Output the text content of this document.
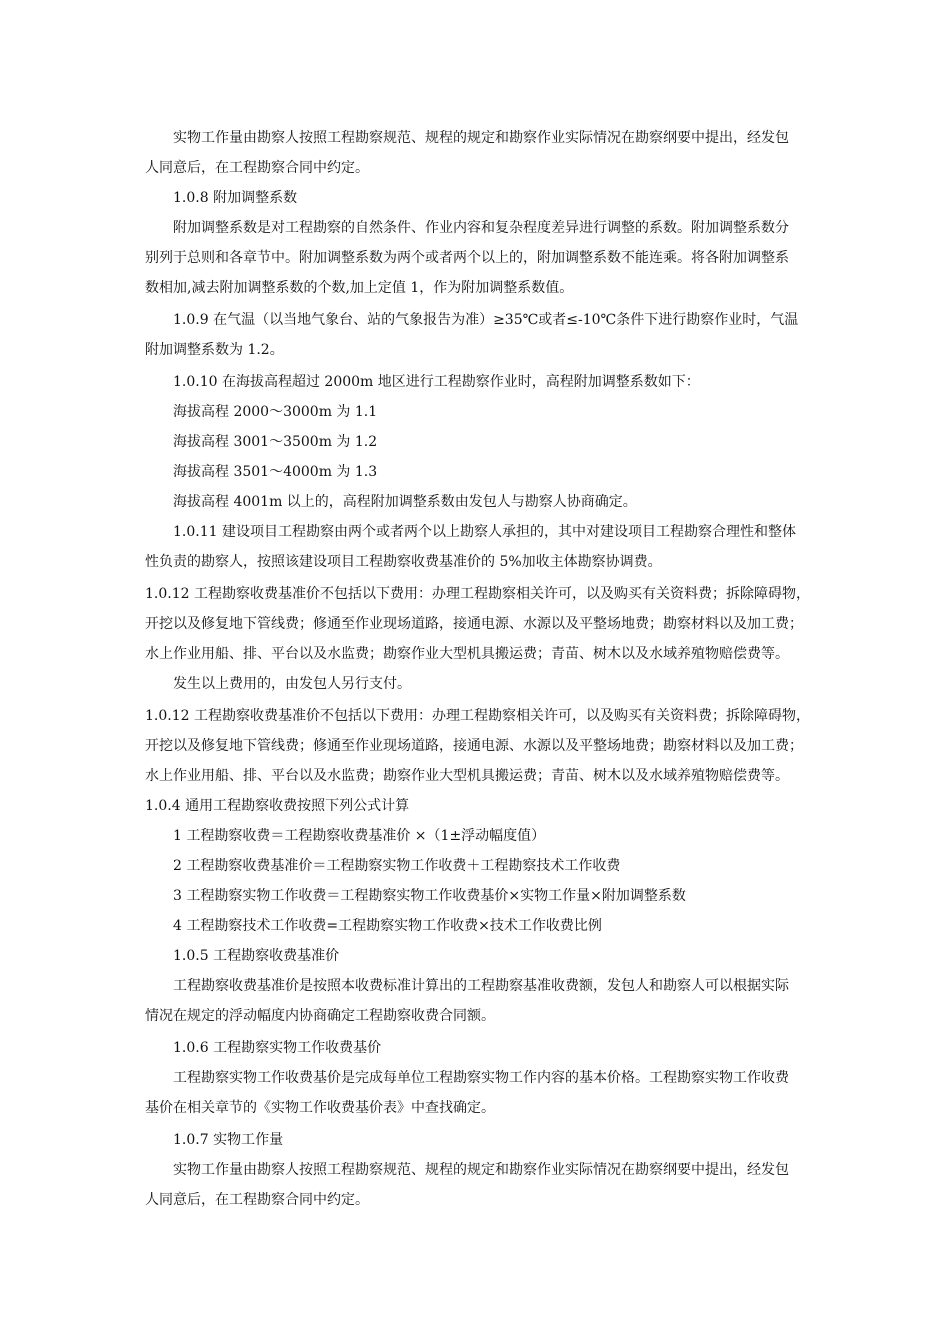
实物工作量由勘察人按照工程勘察规范、规程的规定和勘察作业实际情况在勘察纲要中提出，经发包
人同意后，在工程勘察合同中约定。
1.0.8 附加调整系数
附加调整系数是对工程勘察的自然条件、作业内容和复杂程度差异进行调整的系数。附加调整系数分
别列于总则和各章节中。附加调整系数为两个或者两个以上的，附加调整系数不能连乘。将各附加调整系
数相加,减去附加调整系数的个数,加上定值 1，作为附加调整系数值。
1.0.9 在气温（以当地气象台、站的气象报告为准）≥35℃或者≤-10℃条件下进行勘察作业时，气温
附加调整系数为 1.2。
1.0.10 在海拔高程超过 2000m 地区进行工程勘察作业时，高程附加调整系数如下：
海拔高程 2000～3000m 为 1.1
海拔高程 3001～3500m 为 1.2
海拔高程 3501～4000m 为 1.3
海拔高程 4001m 以上的，高程附加调整系数由发包人与勘察人协商确定。
1.0.11 建设项目工程勘察由两个或者两个以上勘察人承担的，其中对建设项目工程勘察合理性和整体
性负责的勘察人，按照该建设项目工程勘察收费基准价的 5%加收主体勘察协调费。
1.0.12 工程勘察收费基准价不包括以下费用：办理工程勘察相关许可，以及购买有关资料费；拆除障碍物，
开挖以及修复地下管线费；修通至作业现场道路，接通电源、水源以及平整场地费；勘察材料以及加工费；
水上作业用船、排、平台以及水监费；勘察作业大型机具搬运费；青苗、树木以及水域养殖物赔偿费等。
发生以上费用的，由发包人另行支付。
1.0.12 工程勘察收费基准价不包括以下费用：办理工程勘察相关许可，以及购买有关资料费；拆除障碍物，
开挖以及修复地下管线费；修通至作业现场道路，接通电源、水源以及平整场地费；勘察材料以及加工费；
水上作业用船、排、平台以及水监费；勘察作业大型机具搬运费；青苗、树木以及水域养殖物赔偿费等。
1.0.4 通用工程勘察收费按照下列公式计算
1 工程勘察收费＝工程勘察收费基准价 ×（1±浮动幅度值）
2 工程勘察收费基准价＝工程勘察实物工作收费＋工程勘察技术工作收费
3 工程勘察实物工作收费＝工程勘察实物工作收费基价×实物工作量×附加调整系数
4 工程勘察技术工作收费=工程勘察实物工作收费×技术工作收费比例
1.0.5 工程勘察收费基准价
工程勘察收费基准价是按照本收费标准计算出的工程勘察基准收费额，发包人和勘察人可以根据实际
情况在规定的浮动幅度内协商确定工程勘察收费合同额。
1.0.6 工程勘察实物工作收费基价
工程勘察实物工作收费基价是完成每单位工程勘察实物工作内容的基本价格。工程勘察实物工作收费
基价在相关章节的《实物工作收费基价表》中查找确定。
1.0.7 实物工作量
实物工作量由勘察人按照工程勘察规范、规程的规定和勘察作业实际情况在勘察纲要中提出，经发包
人同意后，在工程勘察合同中约定。
